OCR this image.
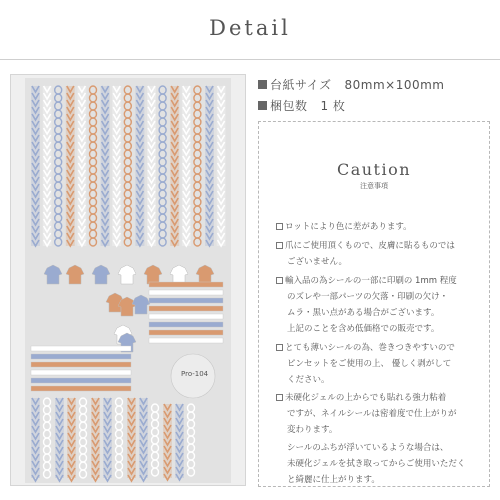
Detail
Pro-104
台紙サイズ 80mm×100mm
梱包数 1 枚
Caution
注意事項
ロットにより色に差があります。
爪にご使用頂くもので、皮膚に貼るものでは
ございません。
輸入品の為シールの一部に印刷の 1mm 程度
のズレや一部パーツの欠落・印刷の欠け・
ムラ・黒い点がある場合がございます。
上記のことを含め低価格での販売です。
とても薄いシールの為、巻きつきやすいので
ピンセットをご使用の上、 優しく剥がして
ください。
未硬化ジェルの上からでも貼れる強力粘着
ですが、ネイルシールは密着度で仕上がりが
変わります。
シールのふちが浮いているような場合は、
未硬化ジェルを拭き取ってからご使用いただく
と綺麗に仕上がります。
